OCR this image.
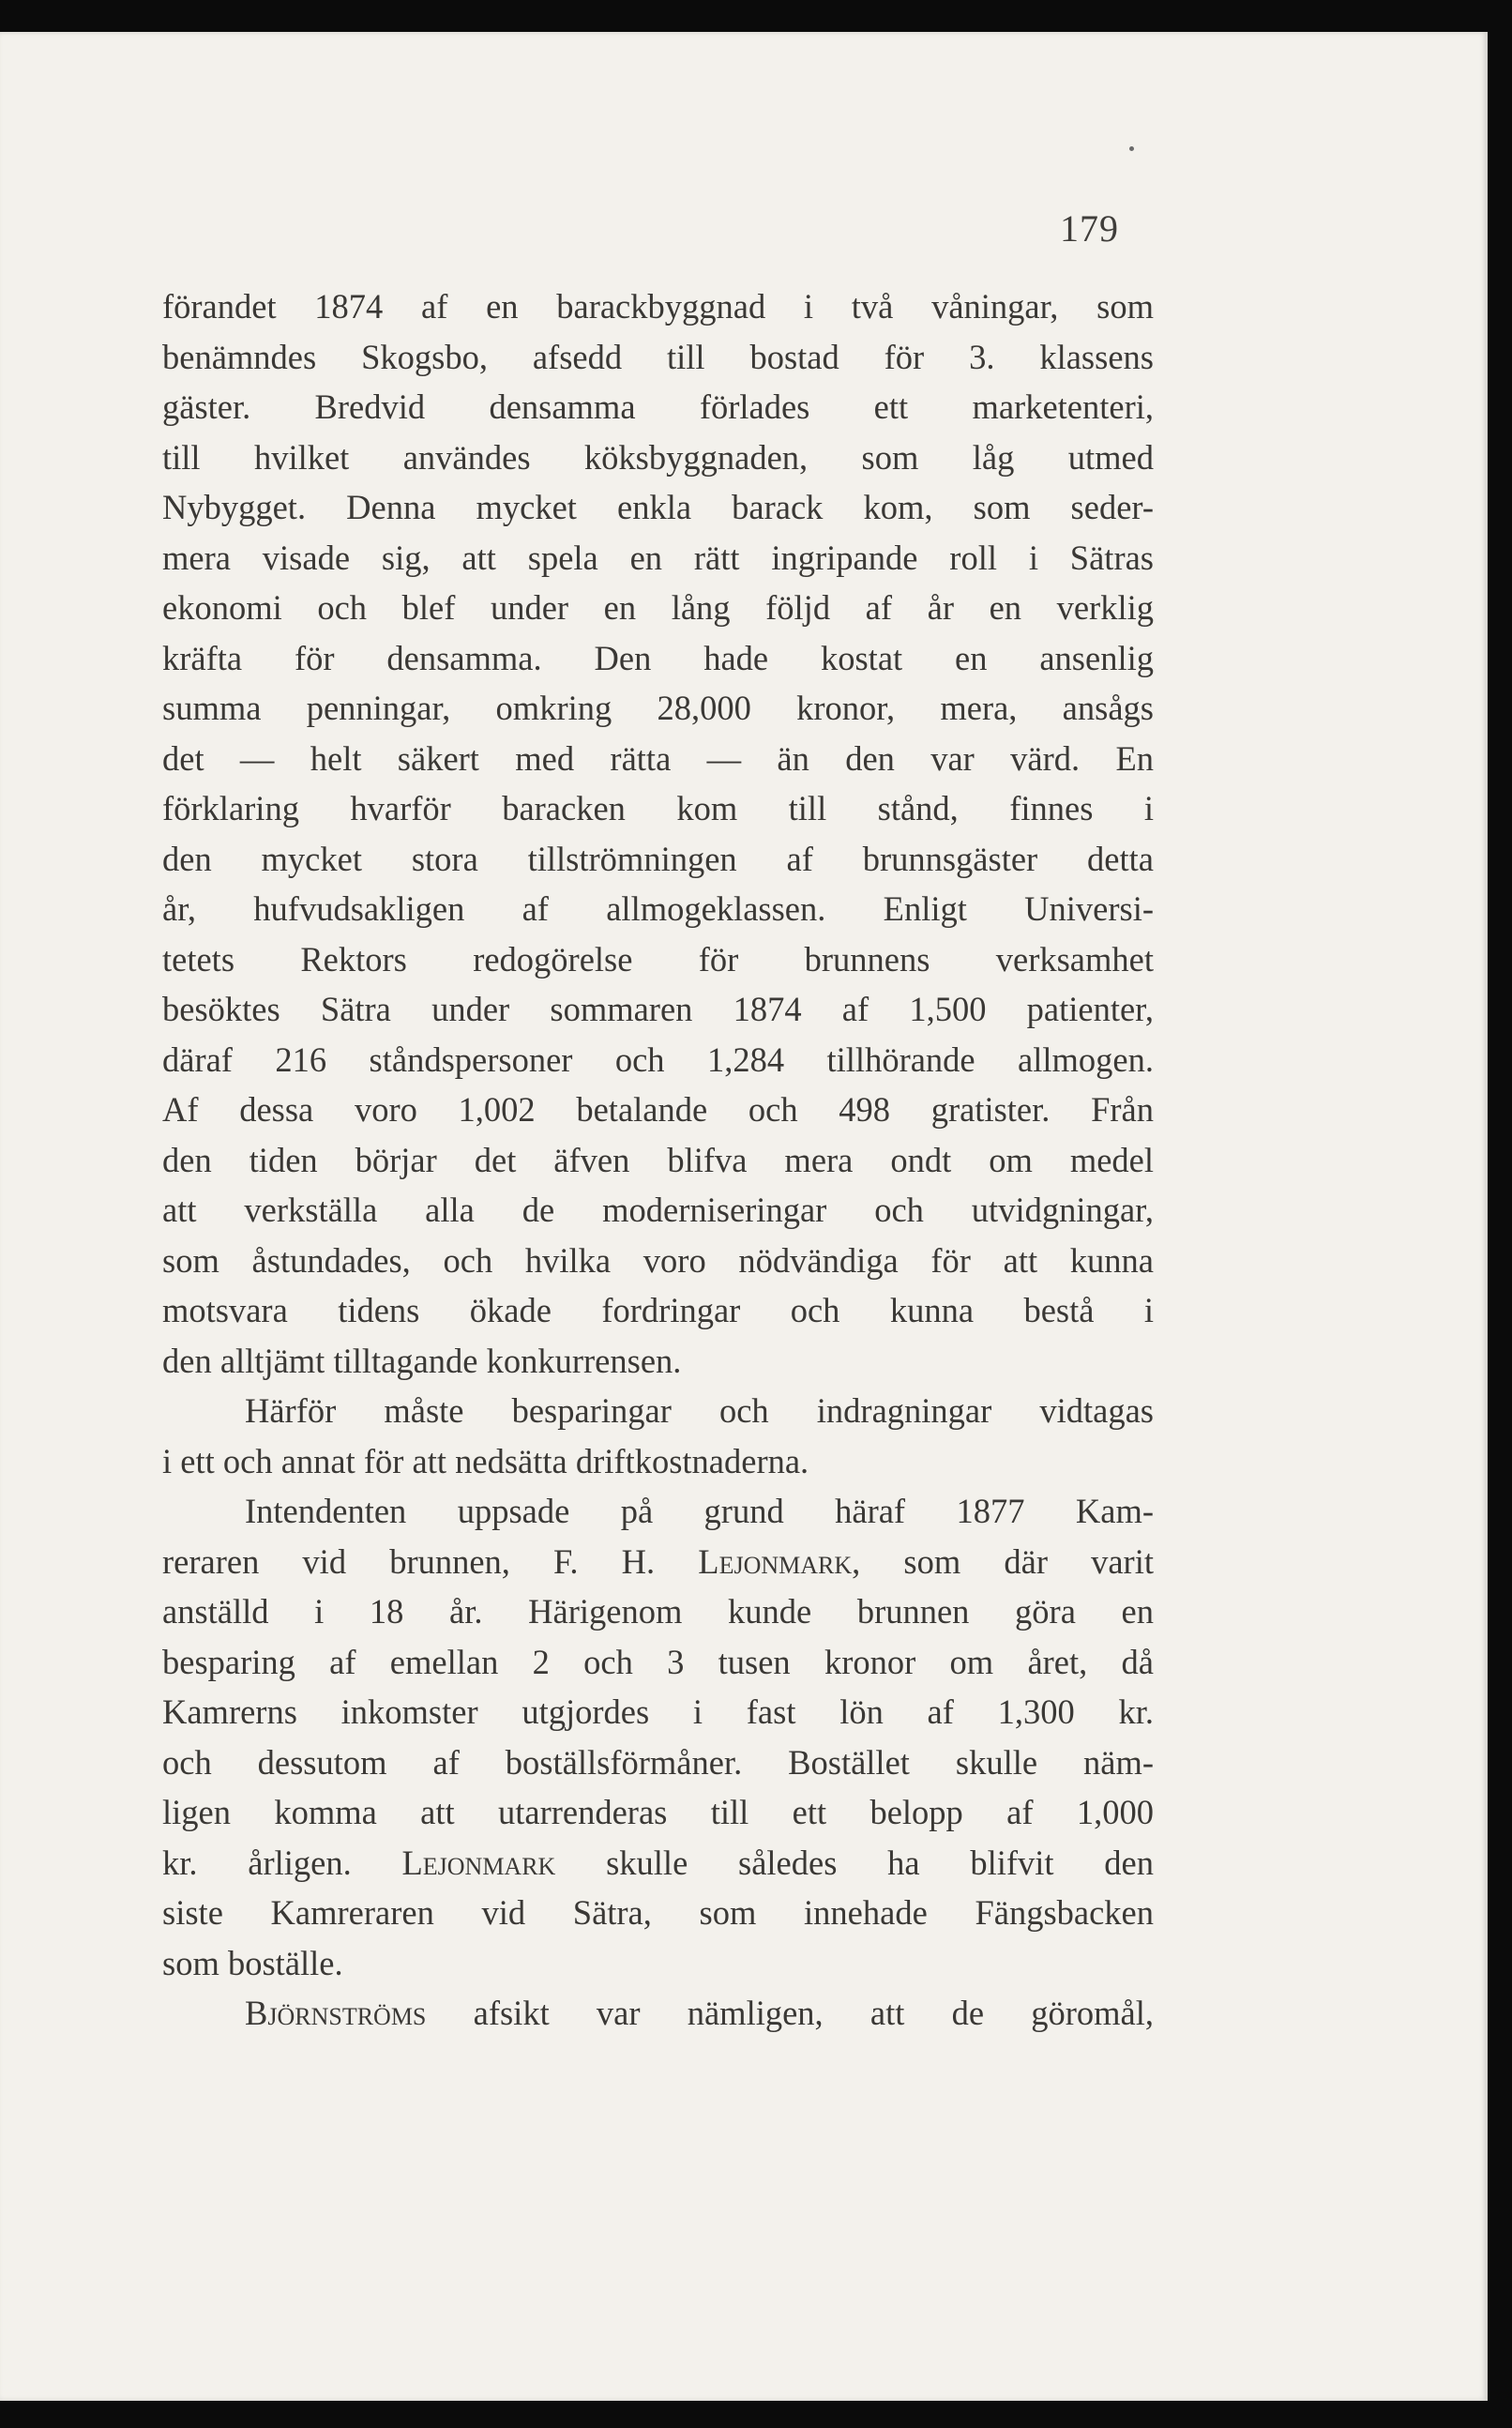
179
förandet 1874 af en barackbyggnad i två våningar, som
benämndes Skogsbo, afsedd till bostad för 3. klassens
gäster. Bredvid densamma förlades ett marketenteri,
till hvilket användes köksbyggnaden, som låg utmed
Nybygget. Denna mycket enkla barack kom, som seder-
mera visade sig, att spela en rätt ingripande roll i Sätras
ekonomi och blef under en lång följd af år en verklig
kräfta för densamma. Den hade kostat en ansenlig
summa penningar, omkring 28,000 kronor, mera, ansågs
det — helt säkert med rätta — än den var värd. En
förklaring hvarför baracken kom till stånd, finnes i
den mycket stora tillströmningen af brunnsgäster detta
år, hufvudsakligen af allmogeklassen. Enligt Universi-
tetets Rektors redogörelse för brunnens verksamhet
besöktes Sätra under sommaren 1874 af 1,500 patienter,
däraf 216 ståndspersoner och 1,284 tillhörande allmogen.
Af dessa voro 1,002 betalande och 498 gratister. Från
den tiden börjar det äfven blifva mera ondt om medel
att verkställa alla de moderniseringar och utvidgningar,
som åstundades, och hvilka voro nödvändiga för att kunna
motsvara tidens ökade fordringar och kunna bestå i
den alltjämt tilltagande konkurrensen.
Härför måste besparingar och indragningar vidtagas
i ett och annat för att nedsätta driftkostnaderna.
Intendenten uppsade på grund häraf 1877 Kam-
reraren vid brunnen, F. H. Lejonmark, som där varit
anställd i 18 år. Härigenom kunde brunnen göra en
besparing af emellan 2 och 3 tusen kronor om året, då
Kamrerns inkomster utgjordes i fast lön af 1,300 kr.
och dessutom af boställsförmåner. Bostället skulle näm-
ligen komma att utarrenderas till ett belopp af 1,000
kr. årligen. Lejonmark skulle således ha blifvit den
siste Kamreraren vid Sätra, som innehade Fängsbacken
som boställe.
Björnströms afsikt var nämligen, att de göromål,
